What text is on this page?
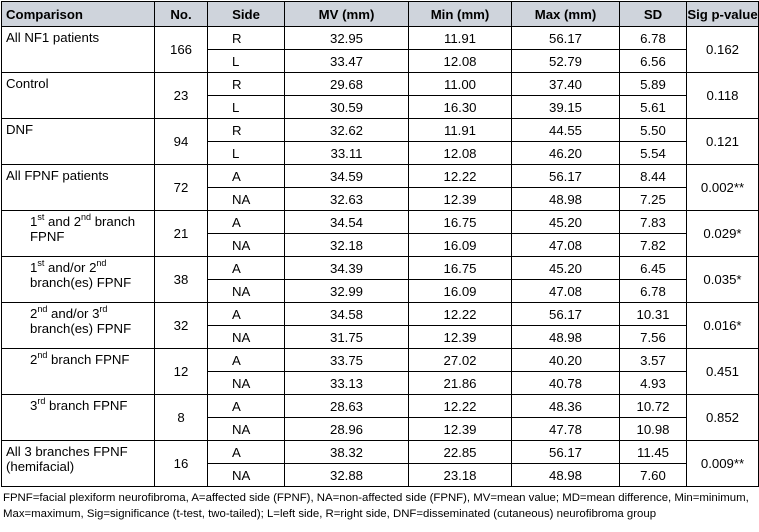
Comparison	No.	Side	MV (mm)	Min (mm)	Max (mm)	SD	Sig p-value
All NF1 patients	166	R	32.95	11.91	56.17	6.78	0.162
		L	33.47	12.08	52.79	6.56	
Control	23	R	29.68	11.00	37.40	5.89	0.118
		L	30.59	16.30	39.15	5.61	
DNF	94	R	32.62	11.91	44.55	5.50	0.121
		L	33.11	12.08	46.20	5.54	
All FPNF patients	72	A	34.59	12.22	56.17	8.44	0.002**
		NA	32.63	12.39	48.98	7.25	
1st and 2nd branch FPNF	21	A	34.54	16.75	45.20	7.83	0.029*
		NA	32.18	16.09	47.08	7.82	
1st and/or 2nd branch(es) FPNF	38	A	34.39	16.75	45.20	6.45	0.035*
		NA	32.99	16.09	47.08	6.78	
2nd and/or 3rd branch(es) FPNF	32	A	34.58	12.22	56.17	10.31	0.016*
		NA	31.75	12.39	48.98	7.56	
2nd branch FPNF	12	A	33.75	27.02	40.20	3.57	0.451
		NA	33.13	21.86	40.78	4.93	
3rd branch FPNF	8	A	28.63	12.22	48.36	10.72	0.852
		NA	28.96	12.39	47.78	10.98	
All 3 branches FPNF (hemifacial)	16	A	38.32	22.85	56.17	11.45	0.009**
		NA	32.88	23.18	48.98	7.60	
FPNF=facial plexiform neurofibroma, A=affected side (FPNF), NA=non-affected side (FPNF), MV=mean value; MD=mean difference, Min=minimum, Max=maximum, Sig=significance (t-test, two-tailed); L=left side, R=right side, DNF=disseminated (cutaneous) neurofibroma group
